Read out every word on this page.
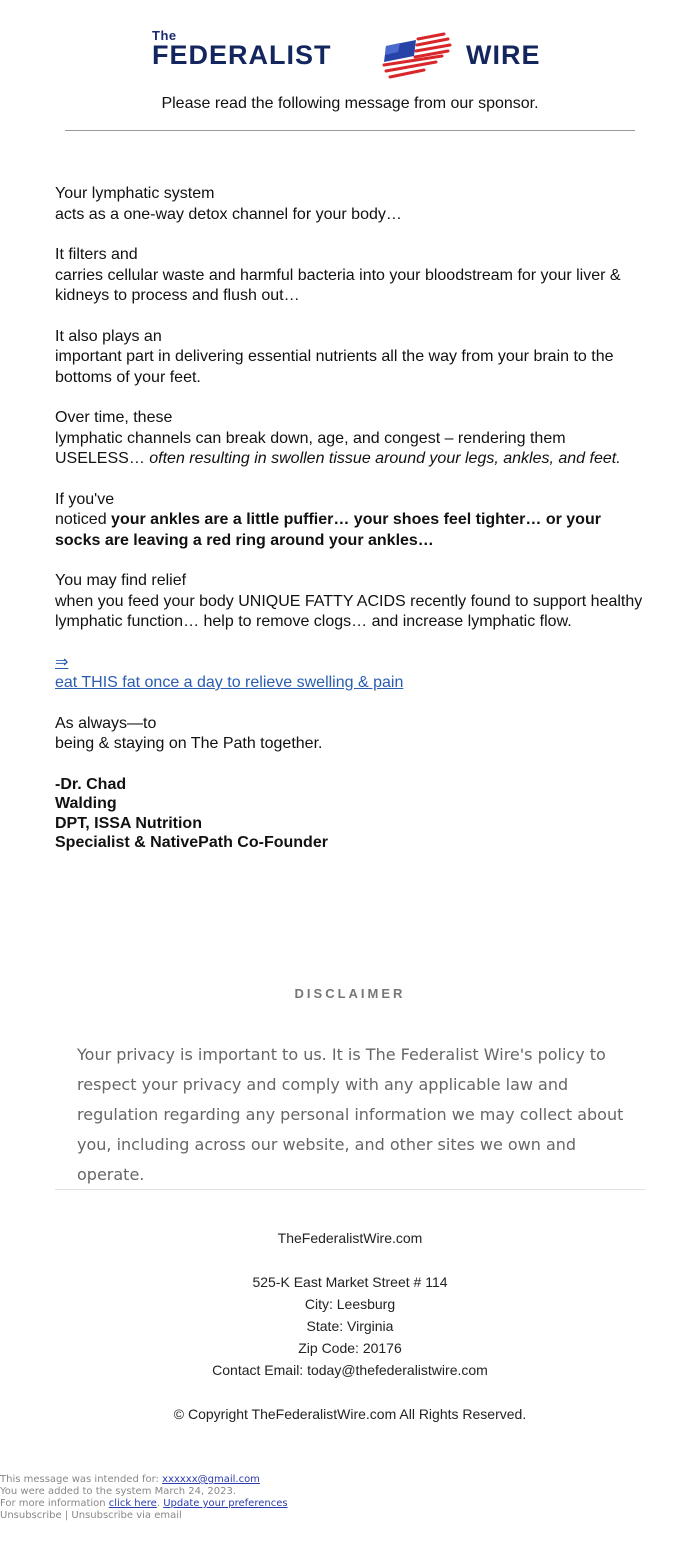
The
FEDERALIST	WIRE
Please read the following message from our sponsor.

Your lymphatic system
acts as a one-way detox channel for your body…

It filters and
carries cellular waste and harmful bacteria into your bloodstream for your liver & kidneys to process and flush out…

It also plays an
important part in delivering essential nutrients all the way from your brain to the bottoms of your feet.

Over time, these
lymphatic channels can break down, age, and congest – rendering them USELESS… often resulting in swollen tissue around your legs, ankles, and feet.

If you've
noticed your ankles are a little puffier… your shoes feel tighter… or your socks are leaving a red ring around your ankles…

You may find relief
when you feed your body UNIQUE FATTY ACIDS recently found to support healthy lymphatic function… help to remove clogs… and increase lymphatic flow.

⇒
eat THIS fat once a day to relieve swelling & pain

As always—to
being & staying on The Path together.

-Dr. Chad
Walding
DPT, ISSA Nutrition
Specialist & NativePath Co-Founder
DISCLAIMER
Your privacy is important to us. It is The Federalist Wire's policy to respect your privacy and comply with any applicable law and regulation regarding any personal information we may collect about you, including across our website, and other sites we own and operate.
TheFederalistWire.com
525-K East Market Street # 114
City: Leesburg
State: Virginia
Zip Code: 20176
Contact Email: today@thefederalistwire.com
© Copyright TheFederalistWire.com All Rights Reserved.
This message was intended for: xxxxxx@gmail.com
You were added to the system March 24, 2023.
For more information click here. Update your preferences
Unsubscribe | Unsubscribe via email
